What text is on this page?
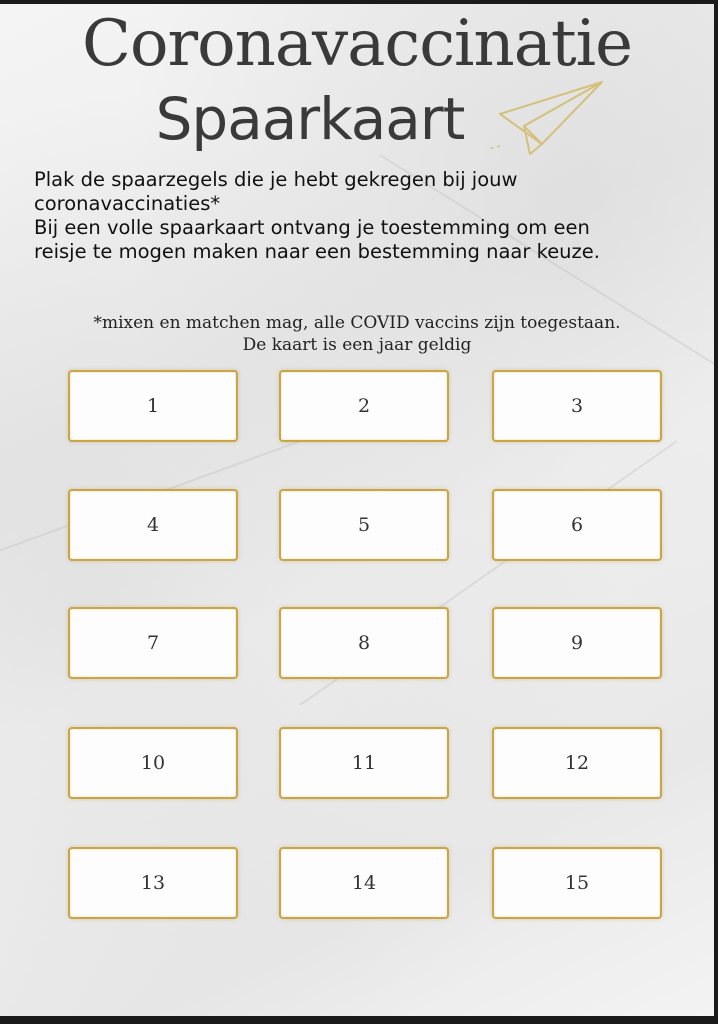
Coronavaccinatie
Spaarkaart
Plak de spaarzegels die je hebt gekregen bij jouw
coronavaccinaties*
Bij een volle spaarkaart ontvang je toestemming om een
reisje te mogen maken naar een bestemming naar keuze.
*mixen en matchen mag, alle COVID vaccins zijn toegestaan.
De kaart is een jaar geldig
1	2	3
4	5	6
7	8	9
10	11	12
13	14	15
